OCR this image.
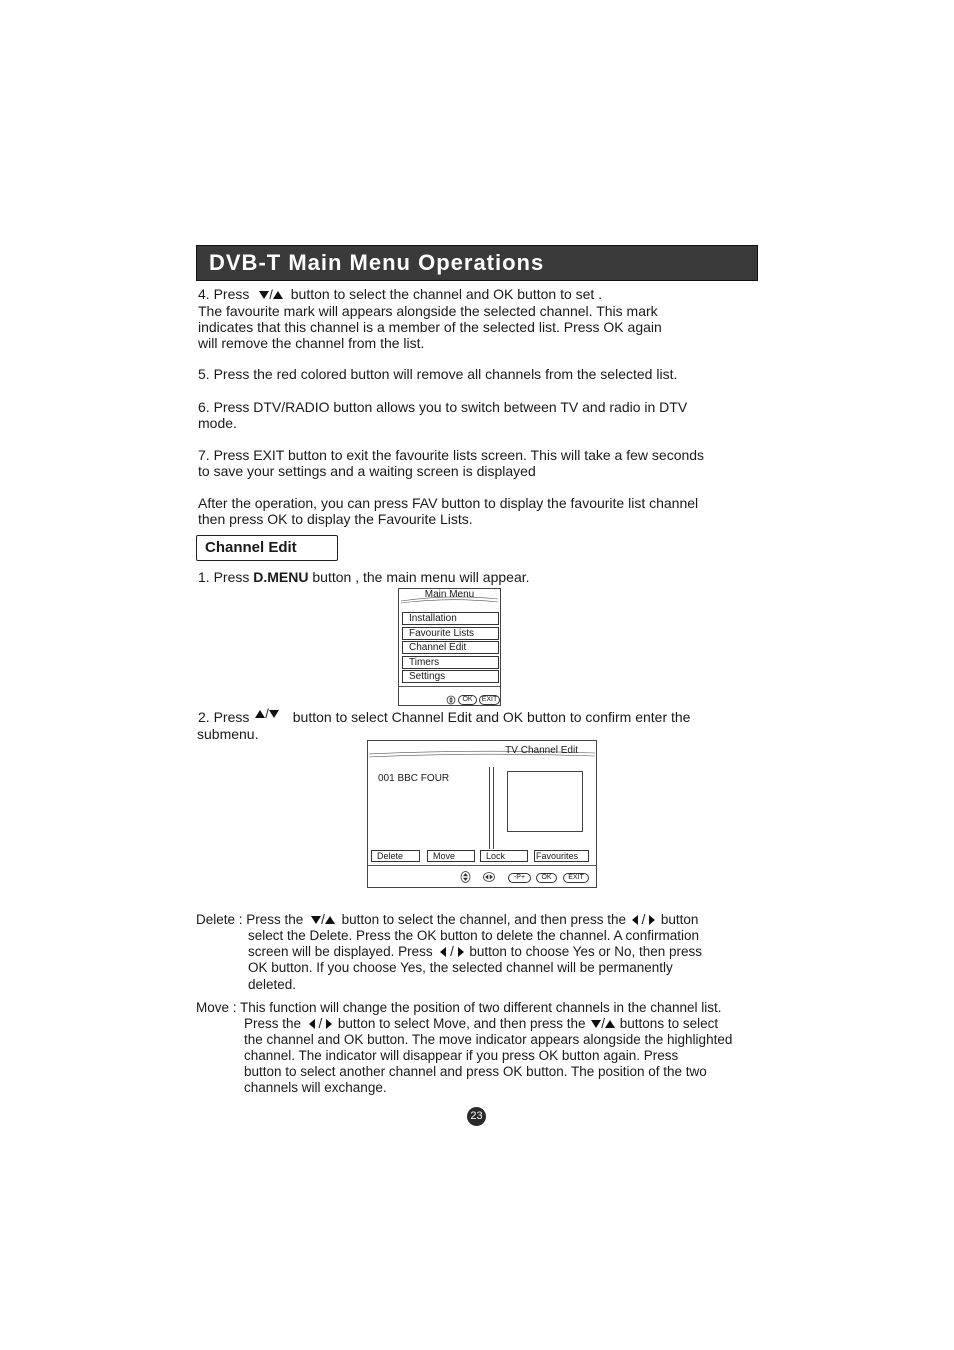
DVB-T Main Menu Operations
4. Press / button to select the channel and OK button to set .
The favourite mark will appears alongside the selected channel. This mark
indicates that this channel is a member of the selected list. Press OK again
will remove the channel from the list.
5. Press the red colored button will remove all channels from the selected list.
6. Press DTV/RADIO button allows you to switch between TV and radio in DTV
mode.
7. Press EXIT button to exit the favourite lists screen. This will take a few seconds
to save your settings and a waiting screen is displayed
After the operation, you can press FAV button to display the favourite list channel
then press OK to display the Favourite Lists.
Channel Edit
1. Press D.MENU button , the main menu will appear.
Main Menu
Installation
Favourite Lists
Channel Edit
Timers
Settings
OK	EXIT
2. Press / button to select Channel Edit and OK button to confirm enter the
submenu.
TV Channel Edit
001 BBC FOUR
Delete	Move	Lock	Favourites
-P+	OK	EXIT
Delete : Press the / button to select the channel, and then press the  /  button
select the Delete. Press the OK button to delete the channel. A confirmation
screen will be displayed. Press  /  button to choose Yes or No, then press
OK button. If you choose Yes, the selected channel will be permanently
deleted.
Move : This function will change the position of two different channels in the channel list.
Press the  /  button to select Move, and then press the / buttons to select
the channel and OK button. The move indicator appears alongside the highlighted
channel. The indicator will disappear if you press OK button again. Press
button to select another channel and press OK button. The position of the two
channels will exchange.
23
